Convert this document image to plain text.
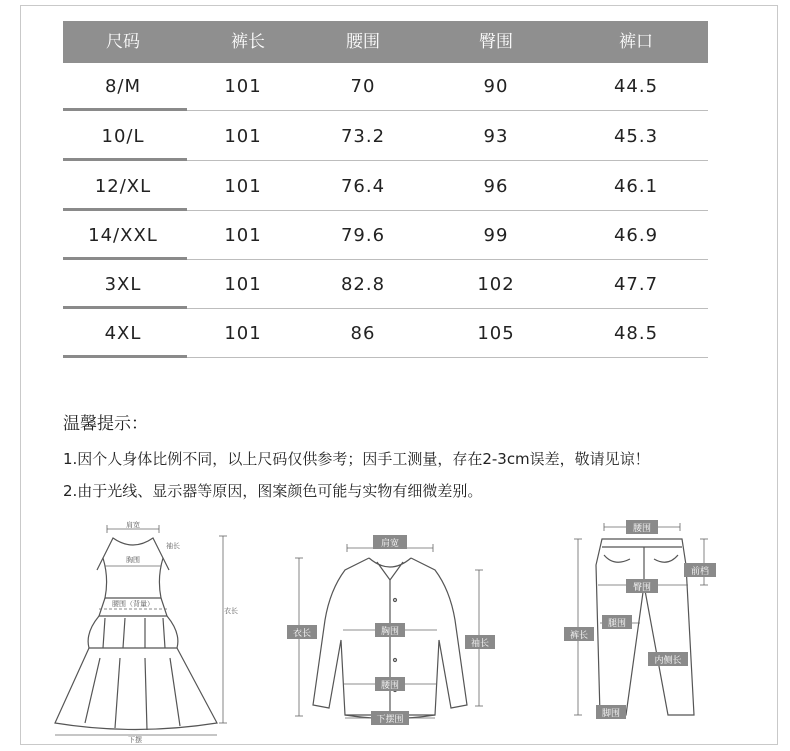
尺码	裤长	腰围	臀围	裤口
8/M	101	70	90	44.5
10/L	101	73.2	93	45.3
12/XL	101	76.4	96	46.1
14/XXL	101	79.6	99	46.9
3XL	101	82.8	102	47.7
4XL	101	86	105	48.5
温馨提示：
1.因个人身体比例不同，以上尺码仅供参考；因手工测量，存在2-3cm误差，敬请见谅！
2.由于光线、显示器等原因，图案颜色可能与实物有细微差别。
肩宽
袖长
胸围
腰围（背量）
衣长
下摆
肩宽
衣长	胸围
袖长
腰围
下摆围
腰围
前档
臀围
裤长
腿围
内侧长
脚围
